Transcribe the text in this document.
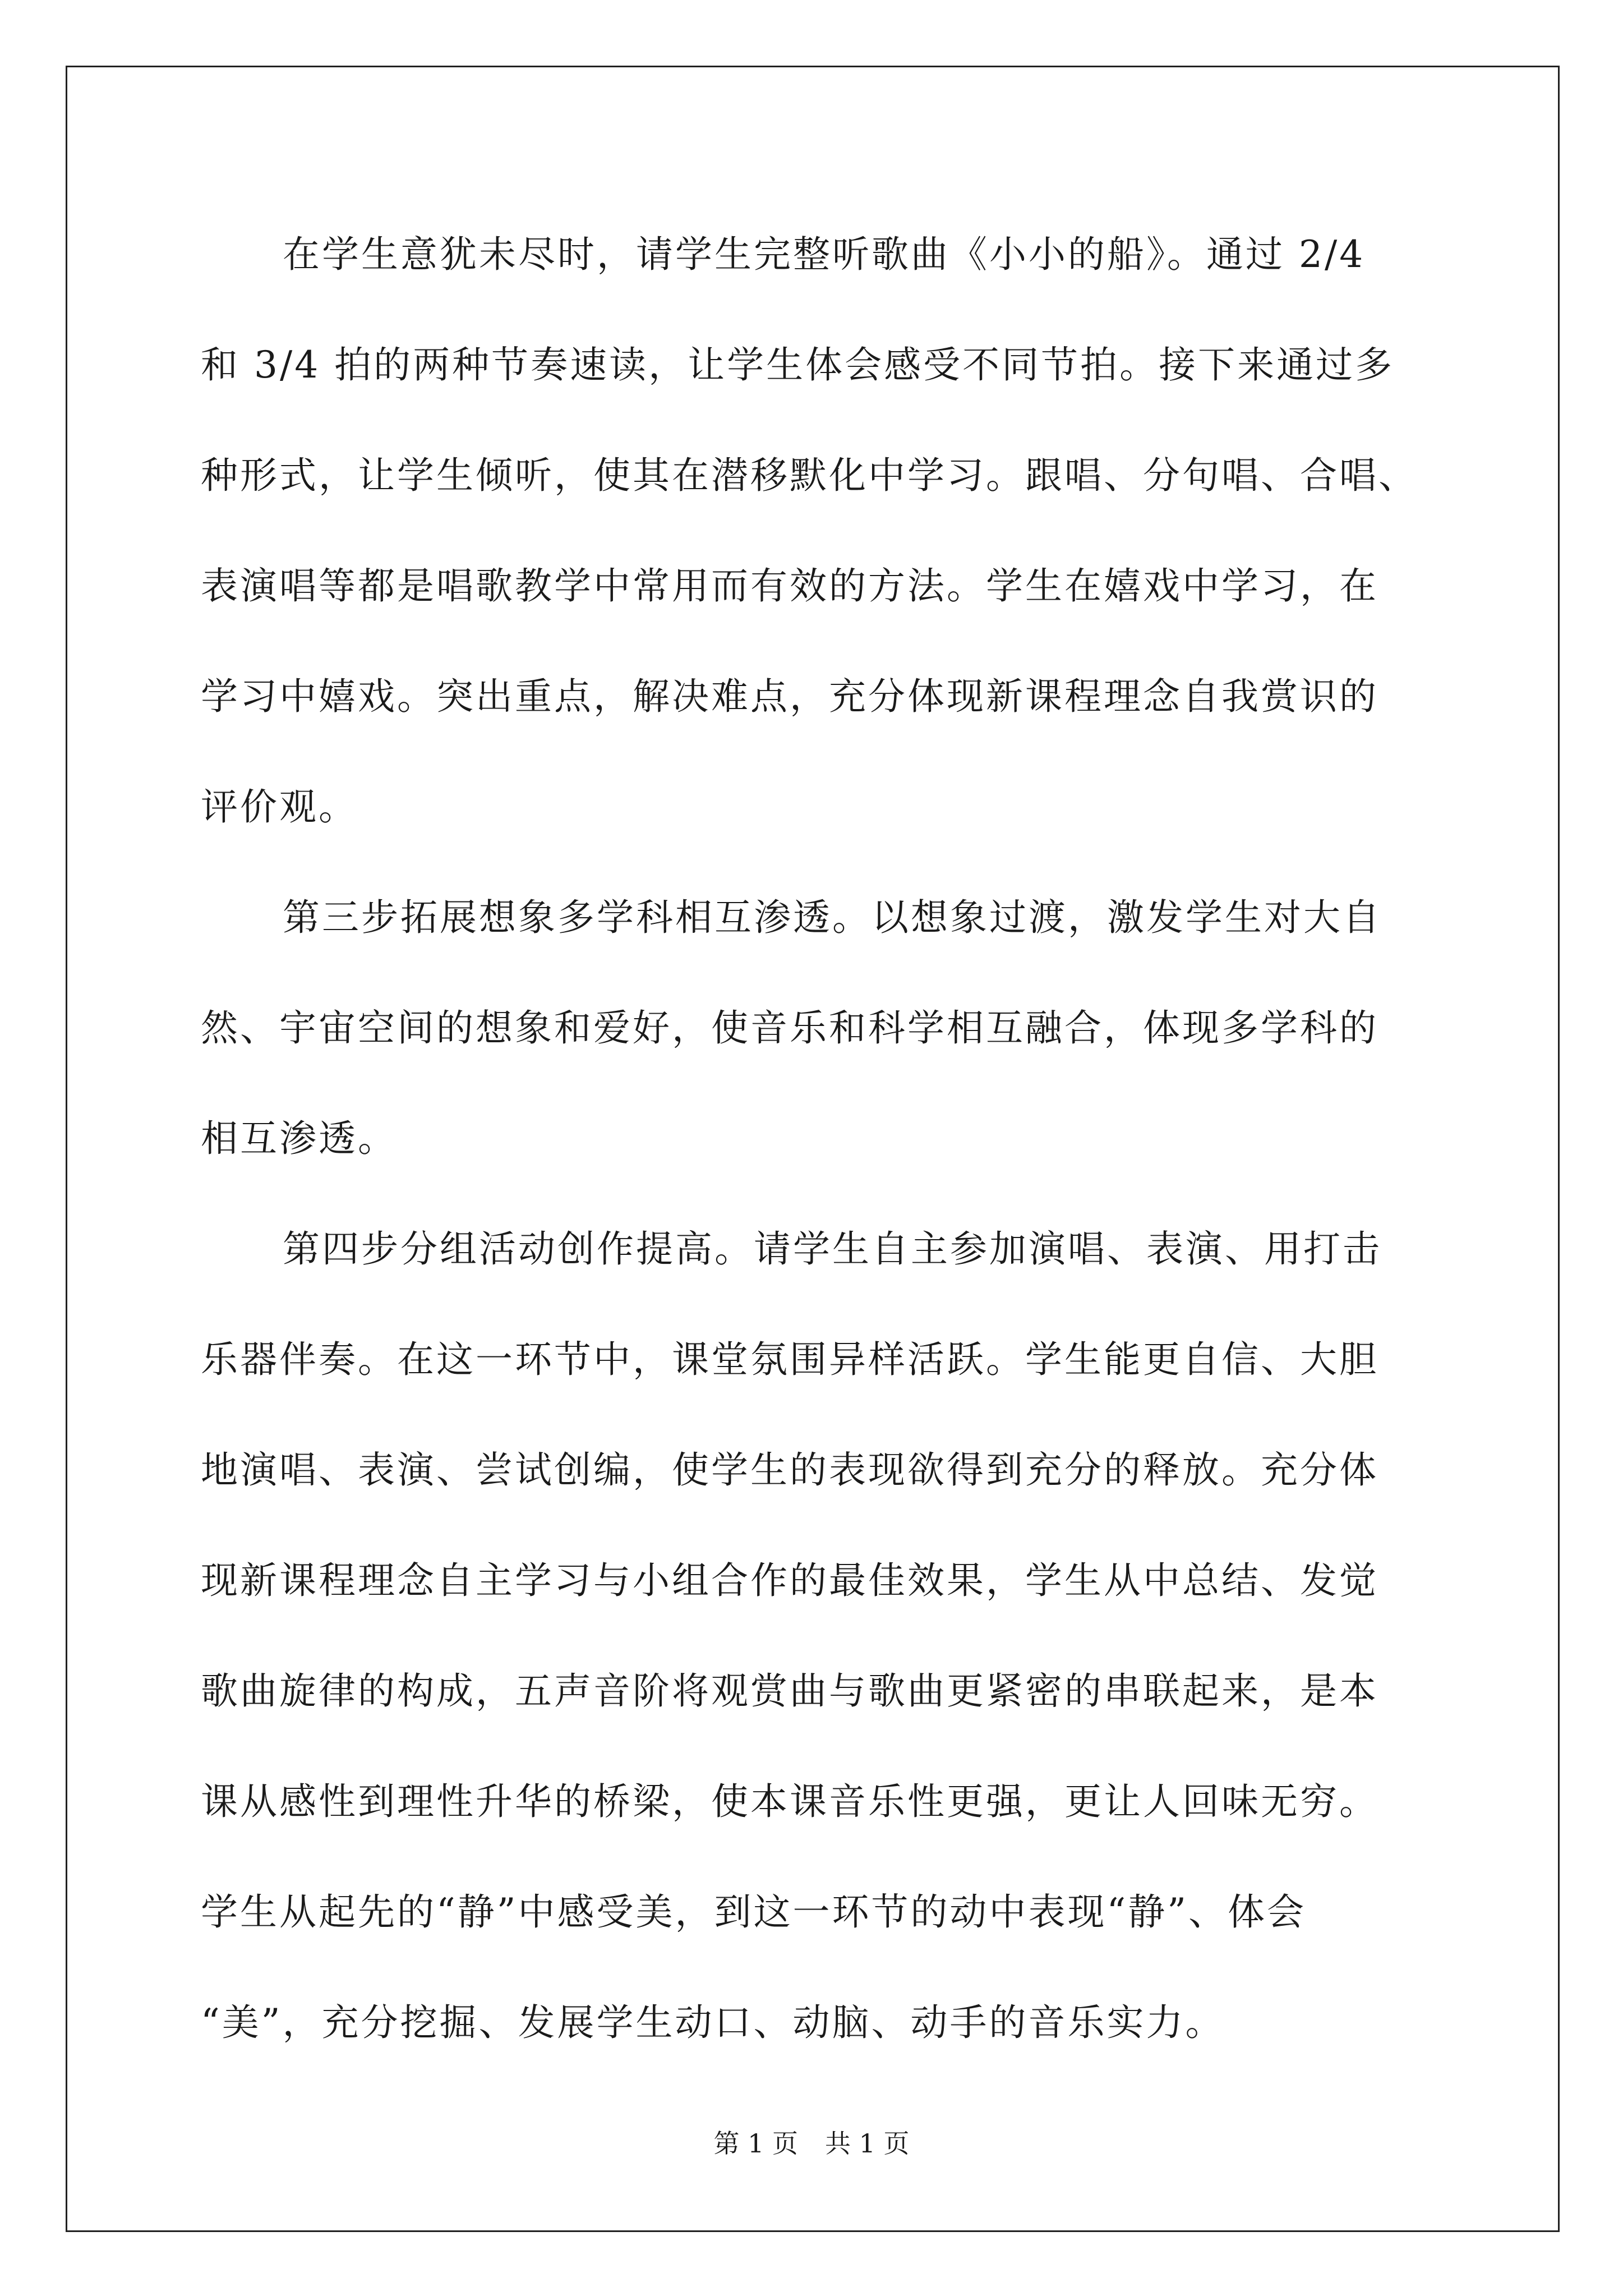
在学生意犹未尽时，请学生完整听歌曲《小小的船》。通过 2/4
和 3/4 拍的两种节奏速读，让学生体会感受不同节拍。接下来通过多
种形式，让学生倾听，使其在潜移默化中学习。跟唱、分句唱、合唱、
表演唱等都是唱歌教学中常用而有效的方法。学生在嬉戏中学习，在
学习中嬉戏。突出重点，解决难点，充分体现新课程理念自我赏识的
评价观。
第三步拓展想象多学科相互渗透。以想象过渡，激发学生对大自
然、宇宙空间的想象和爱好，使音乐和科学相互融合，体现多学科的
相互渗透。
第四步分组活动创作提高。请学生自主参加演唱、表演、用打击
乐器伴奏。在这一环节中，课堂氛围异样活跃。学生能更自信、大胆
地演唱、表演、尝试创编，使学生的表现欲得到充分的释放。充分体
现新课程理念自主学习与小组合作的最佳效果，学生从中总结、发觉
歌曲旋律的构成，五声音阶将观赏曲与歌曲更紧密的串联起来，是本
课从感性到理性升华的桥梁，使本课音乐性更强，更让人回味无穷。
学生从起先的“静”中感受美，到这一环节的动中表现“静”、体会
“美”，充分挖掘、发展学生动口、动脑、动手的音乐实力。
第 1 页 共 1 页
